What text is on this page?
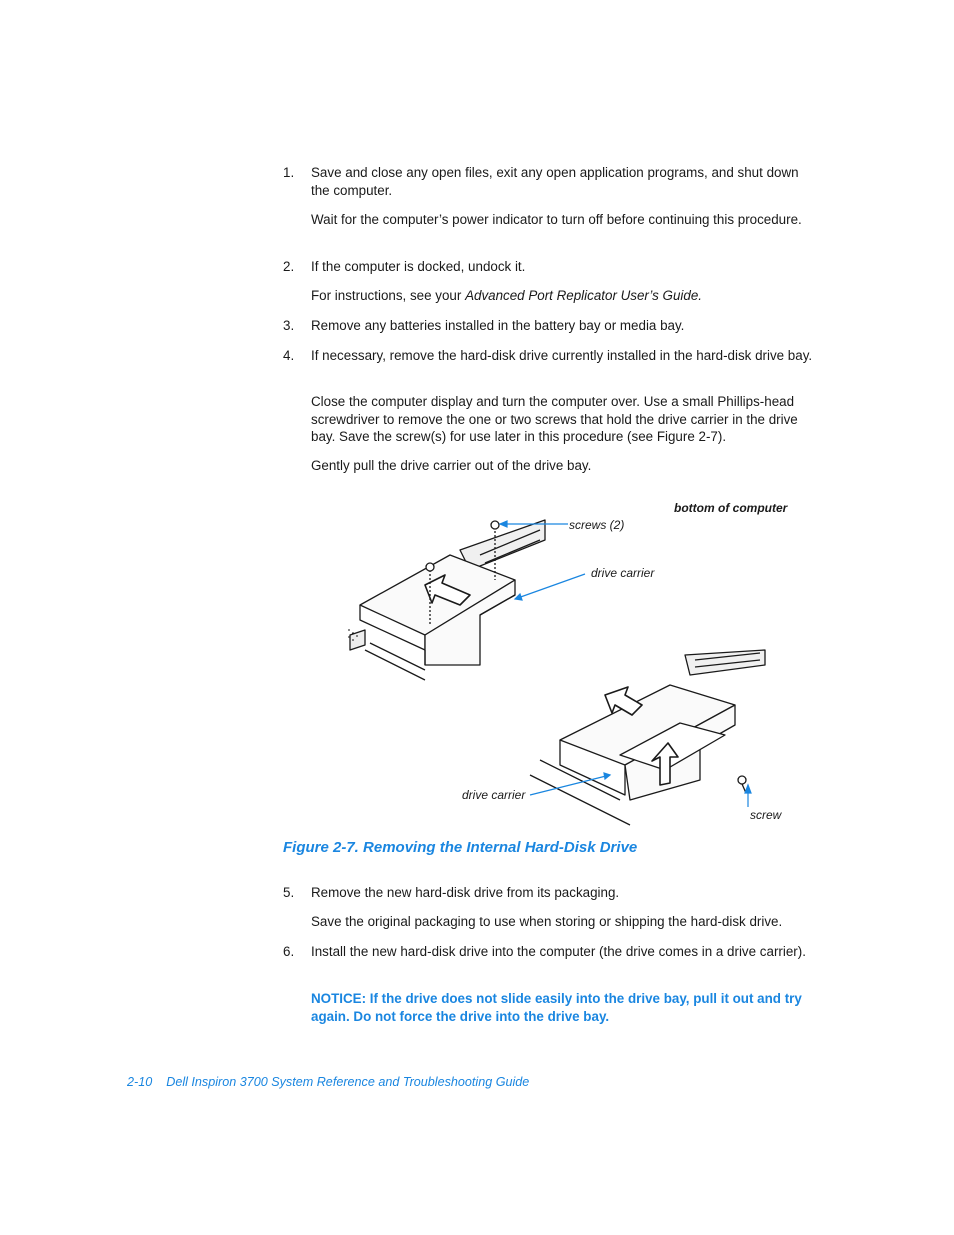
1. Save and close any open files, exit any open application programs, and shut down the computer.
Wait for the computer’s power indicator to turn off before continuing this procedure.
2. If the computer is docked, undock it.
For instructions, see your Advanced Port Replicator User’s Guide.
3. Remove any batteries installed in the battery bay or media bay.
4. If necessary, remove the hard-disk drive currently installed in the hard-disk drive bay.
Close the computer display and turn the computer over. Use a small Phillips-head screwdriver to remove the one or two screws that hold the drive carrier in the drive bay. Save the screw(s) for use later in this procedure (see Figure 2-7).
Gently pull the drive carrier out of the drive bay.
bottom of computer
screws (2)
drive carrier
drive carrier
screw
Figure 2-7. Removing the Internal Hard-Disk Drive
5. Remove the new hard-disk drive from its packaging.
Save the original packaging to use when storing or shipping the hard-disk drive.
6. Install the new hard-disk drive into the computer (the drive comes in a drive carrier).
NOTICE: If the drive does not slide easily into the drive bay, pull it out and try again. Do not force the drive into the drive bay.
2-10 Dell Inspiron 3700 System Reference and Troubleshooting Guide
